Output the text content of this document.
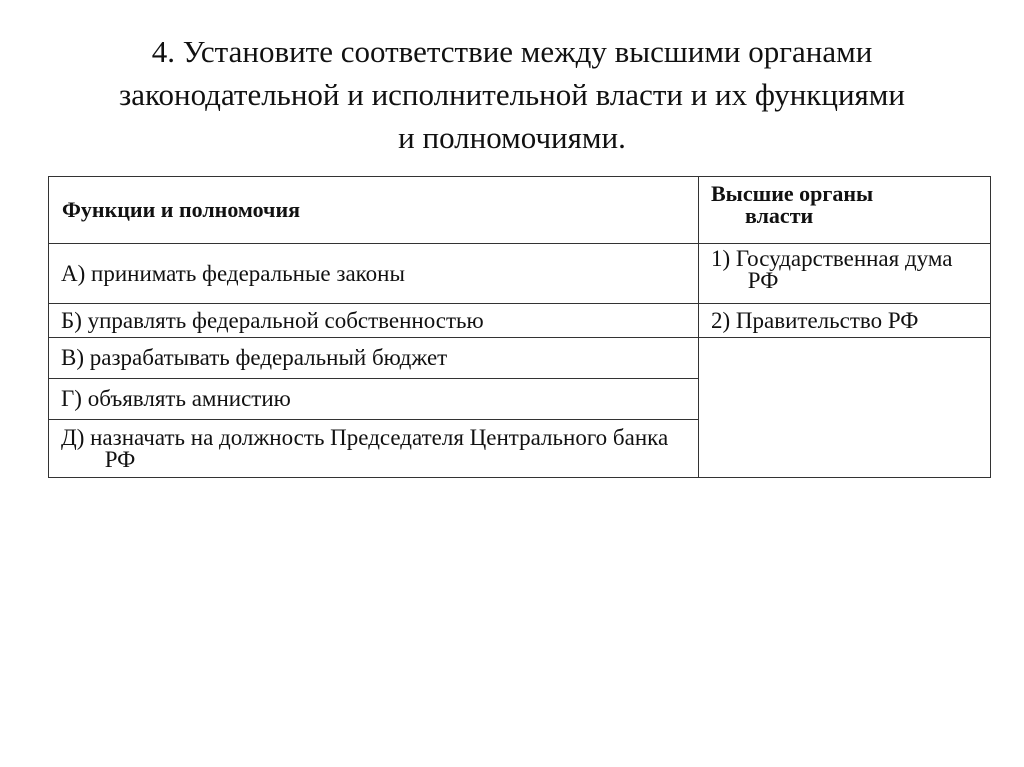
4. Установите соответствие между высшими органами
законодательной и исполнительной власти и их функциями
и полномочиями.
Функции и полномочия	Высшие органы
власти

А) принимать федеральные законы	1) Государственная дума РФ

Б) управлять федеральной собственностью	2) Правительство РФ
В) разрабатывать федеральный бюджет	
Г) объявлять амнистию	

Д) назначать на должность Председателя Центрального банка РФ	
